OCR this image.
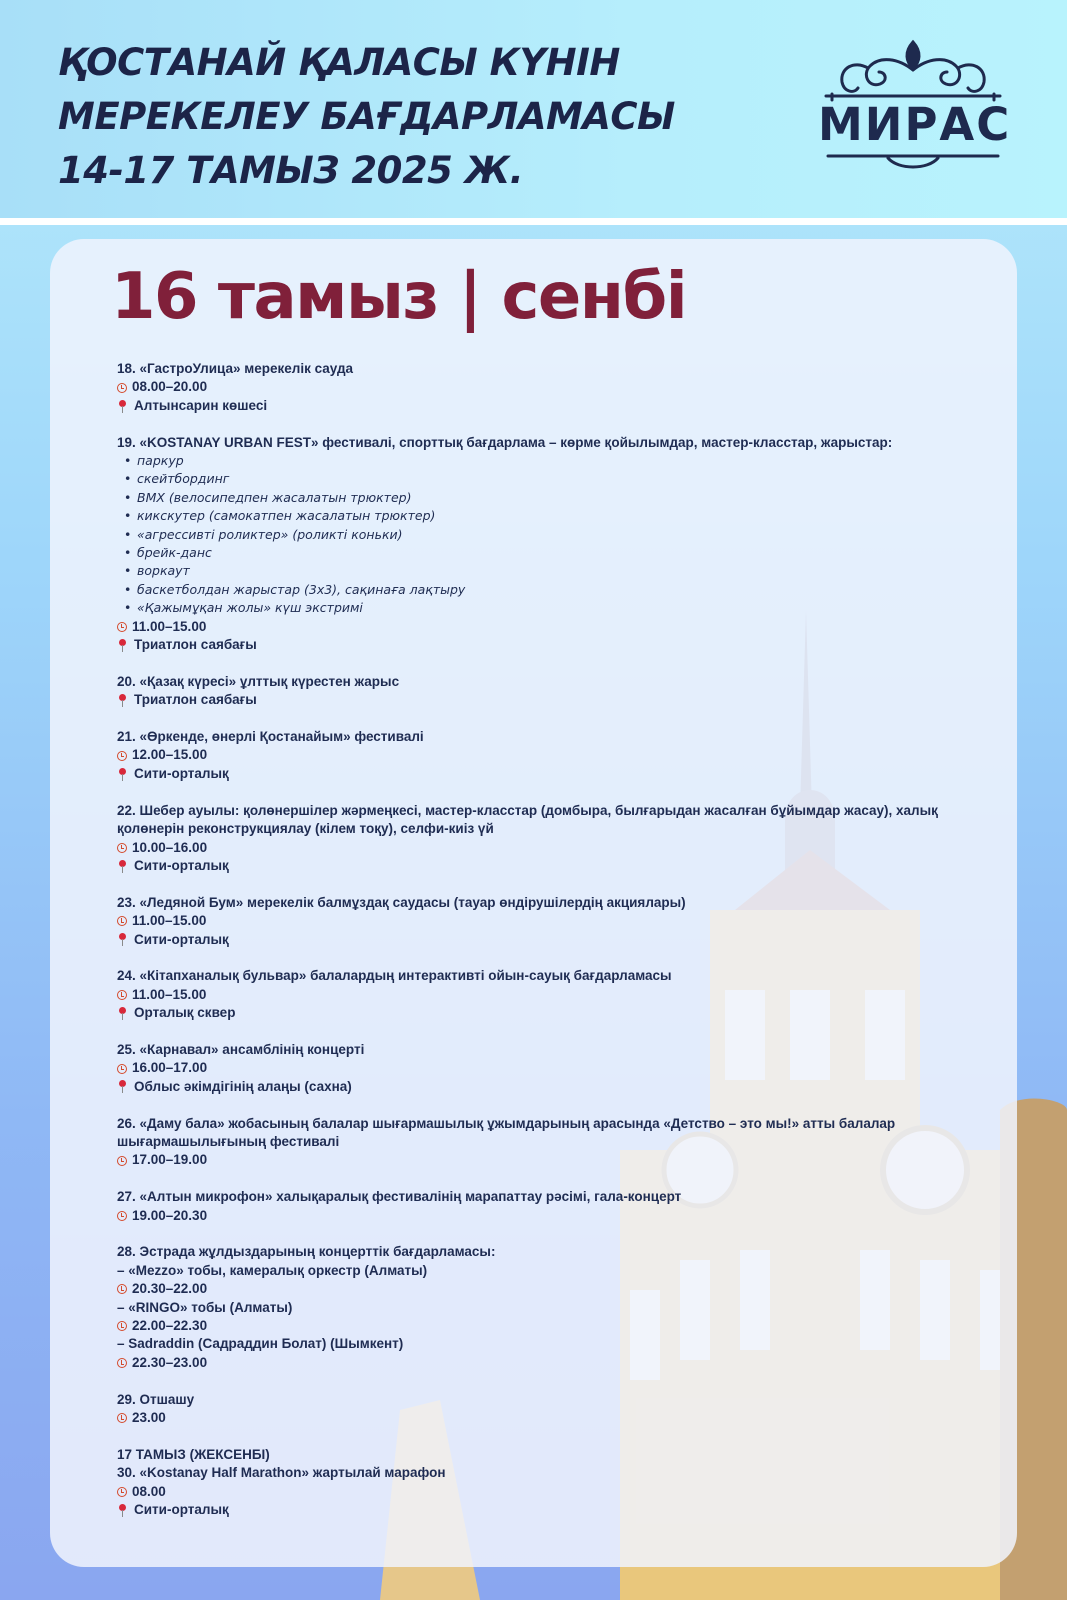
ҚОСТАНАЙ ҚАЛАСЫ КҮНІН
МЕРЕКЕЛЕУ БАҒДАРЛАМАСЫ
14-17 ТАМЫЗ 2025 Ж.
МИРАС
16 тамыз | сенбі

18. «ГастроУлица» мерекелік сауда

08.00–20.00
Алтынсарин көшесі

19. «KOSTANAY URBAN FEST» фестивалі, спорттық бағдарлама – көрме қойылымдар, мастер-класстар, жарыстар:

• паркур
• скейтбординг
• BMX (велосипедпен жасалатын трюктер)
• кикскутер (самокатпен жасалатын трюктер)
• «агрессивті роликтер» (роликті коньки)
• брейк-данс
• воркаут
• баскетболдан жарыстар (3х3), сақинаға лақтыру
• «Қажымұқан жолы» күш экстримі
11.00–15.00
Триатлон саябағы

20. «Қазақ күресі» ұлттық күрестен жарыс

Триатлон саябағы

21. «Өркенде, өнерлі Қостанайым» фестивалі

12.00–15.00
Сити-орталық

22. Шебер ауылы: қолөнершілер жәрмеңкесі, мастер-класстар (домбыра, былғарыдан жасалған бұйымдар жасау), халық қолөнерін реконструкциялау (кілем тоқу), селфи-киіз үй

10.00–16.00
Сити-орталық

23. «Ледяной Бум» мерекелік балмұздақ саудасы (тауар өндірушілердің акциялары)

11.00–15.00
Сити-орталық

24. «Кітапханалық бульвар» балалардың интерактивті ойын-сауық бағдарламасы

11.00–15.00
Орталық сквер

25. «Карнавал» ансамблінің концерті

16.00–17.00
Облыс әкімдігінің алаңы (сахна)

26. «Даму бала» жобасының балалар шығармашылық ұжымдарының арасында «Детство – это мы!» атты балалар шығармашылығының фестивалі

17.00–19.00

27. «Алтын микрофон» халықаралық фестивалінің марапаттау рәсімі, гала-концерт

19.00–20.30

28. Эстрада жұлдыздарының концерттік бағдарламасы:

– «Mezzo» тобы, камералық оркестр (Алматы)

20.30–22.00

– «RINGO» тобы (Алматы)

22.00–22.30

– Sadraddin (Садраддин Болат) (Шымкент)

22.30–23.00

29. Отшашу

23.00

17 ТАМЫЗ (ЖЕКСЕНБІ)

30. «Kostanay Half Marathon» жартылай марафон

08.00
Сити-орталық
